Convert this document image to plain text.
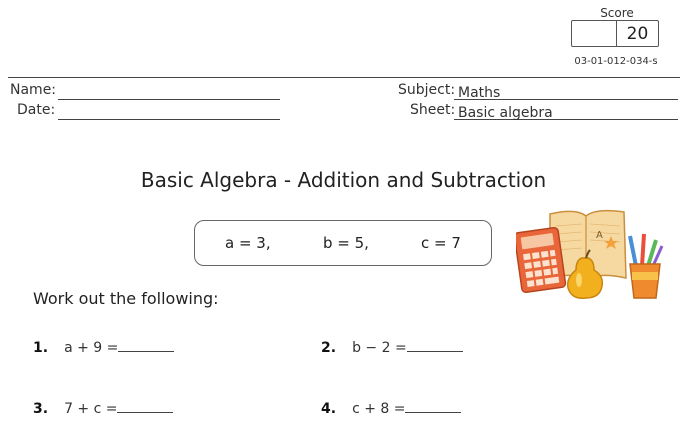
Score
20
03-01-012-034-s
Name:
Date:
Subject: Maths
Sheet: Basic algebra
Basic Algebra - Addition and Subtraction
a = 3,	b = 5,	c = 7	A
Work out the following:
1. a + 9 =	2. b − 2 =
3. 7 + c =	4. c + 8 =
